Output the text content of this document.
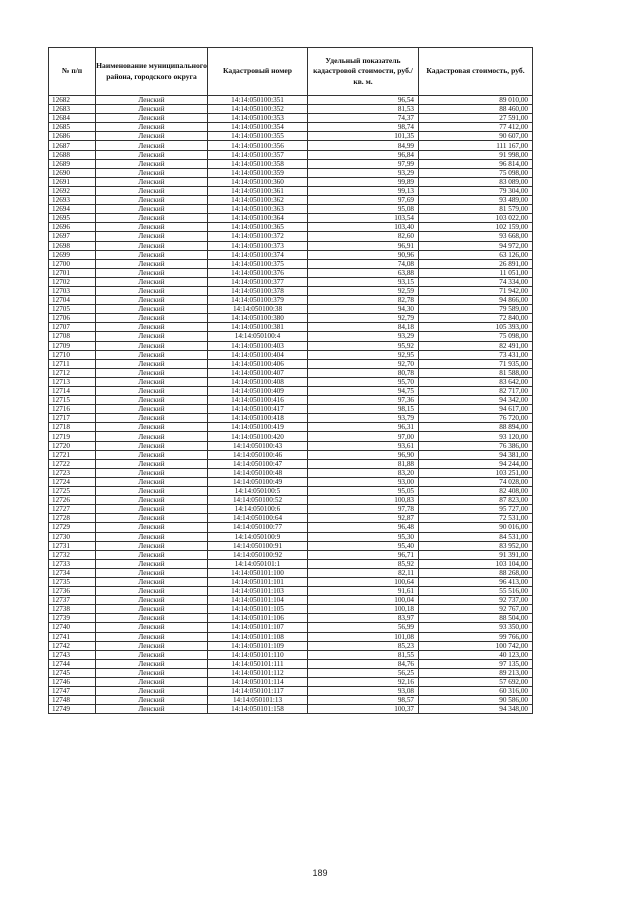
№ п/п	Наименование муниципального района, городского округа	Кадастровый номер	Удельный показатель кадастровой стоимости, руб./кв. м.	Кадастровая стоимость, руб.
12682	Ленский	14:14:050100:351	96,54	89 010,00
12683	Ленский	14:14:050100:352	81,53	88 460,00
12684	Ленский	14:14:050100:353	74,37	27 591,00
12685	Ленский	14:14:050100:354	98,74	77 412,00
12686	Ленский	14:14:050100:355	101,35	90 607,00
12687	Ленский	14:14:050100:356	84,99	111 167,00
12688	Ленский	14:14:050100:357	96,84	91 998,00
12689	Ленский	14:14:050100:358	97,99	96 814,00
12690	Ленский	14:14:050100:359	93,29	75 098,00
12691	Ленский	14:14:050100:360	99,89	83 089,00
12692	Ленский	14:14:050100:361	99,13	79 304,00
12693	Ленский	14:14:050100:362	97,69	93 489,00
12694	Ленский	14:14:050100:363	95,08	81 579,00
12695	Ленский	14:14:050100:364	103,54	103 022,00
12696	Ленский	14:14:050100:365	103,40	102 159,00
12697	Ленский	14:14:050100:372	82,60	93 668,00
12698	Ленский	14:14:050100:373	96,91	94 972,00
12699	Ленский	14:14:050100:374	90,96	63 126,00
12700	Ленский	14:14:050100:375	74,08	26 891,00
12701	Ленский	14:14:050100:376	63,88	11 051,00
12702	Ленский	14:14:050100:377	93,15	74 334,00
12703	Ленский	14:14:050100:378	92,59	71 942,00
12704	Ленский	14:14:050100:379	82,78	94 866,00
12705	Ленский	14:14:050100:38	94,30	79 589,00
12706	Ленский	14:14:050100:380	92,79	72 840,00
12707	Ленский	14:14:050100:381	84,18	105 393,00
12708	Ленский	14:14:050100:4	93,29	75 098,00
12709	Ленский	14:14:050100:403	95,92	82 491,00
12710	Ленский	14:14:050100:404	92,95	73 431,00
12711	Ленский	14:14:050100:406	92,70	71 935,00
12712	Ленский	14:14:050100:407	80,78	81 588,00
12713	Ленский	14:14:050100:408	95,70	83 642,00
12714	Ленский	14:14:050100:409	94,75	82 717,00
12715	Ленский	14:14:050100:416	97,36	94 342,00
12716	Ленский	14:14:050100:417	98,15	94 617,00
12717	Ленский	14:14:050100:418	93,79	76 720,00
12718	Ленский	14:14:050100:419	96,31	88 894,00
12719	Ленский	14:14:050100:420	97,00	93 120,00
12720	Ленский	14:14:050100:43	93,61	76 386,00
12721	Ленский	14:14:050100:46	96,90	94 381,00
12722	Ленский	14:14:050100:47	81,88	94 244,00
12723	Ленский	14:14:050100:48	83,20	103 251,00
12724	Ленский	14:14:050100:49	93,00	74 028,00
12725	Ленский	14:14:050100:5	95,05	82 408,00
12726	Ленский	14:14:050100:52	100,83	87 823,00
12727	Ленский	14:14:050100:6	97,78	95 727,00
12728	Ленский	14:14:050100:64	92,87	72 531,00
12729	Ленский	14:14:050100:77	96,48	90 016,00
12730	Ленский	14:14:050100:9	95,30	84 531,00
12731	Ленский	14:14:050100:91	95,40	83 952,00
12732	Ленский	14:14:050100:92	96,71	91 391,00
12733	Ленский	14:14:050101:1	85,92	103 104,00
12734	Ленский	14:14:050101:100	82,11	88 268,00
12735	Ленский	14:14:050101:101	100,64	96 413,00
12736	Ленский	14:14:050101:103	91,61	55 516,00
12737	Ленский	14:14:050101:104	100,04	92 737,00
12738	Ленский	14:14:050101:105	100,18	92 767,00
12739	Ленский	14:14:050101:106	83,97	88 504,00
12740	Ленский	14:14:050101:107	56,99	93 350,00
12741	Ленский	14:14:050101:108	101,08	99 766,00
12742	Ленский	14:14:050101:109	85,23	100 742,00
12743	Ленский	14:14:050101:110	81,55	40 123,00
12744	Ленский	14:14:050101:111	84,76	97 135,00
12745	Ленский	14:14:050101:112	56,25	89 213,00
12746	Ленский	14:14:050101:114	92,16	57 692,00
12747	Ленский	14:14:050101:117	93,08	60 316,00
12748	Ленский	14:14:050101:13	98,57	90 586,00
12749	Ленский	14:14:050101:158	100,37	94 348,00
189
